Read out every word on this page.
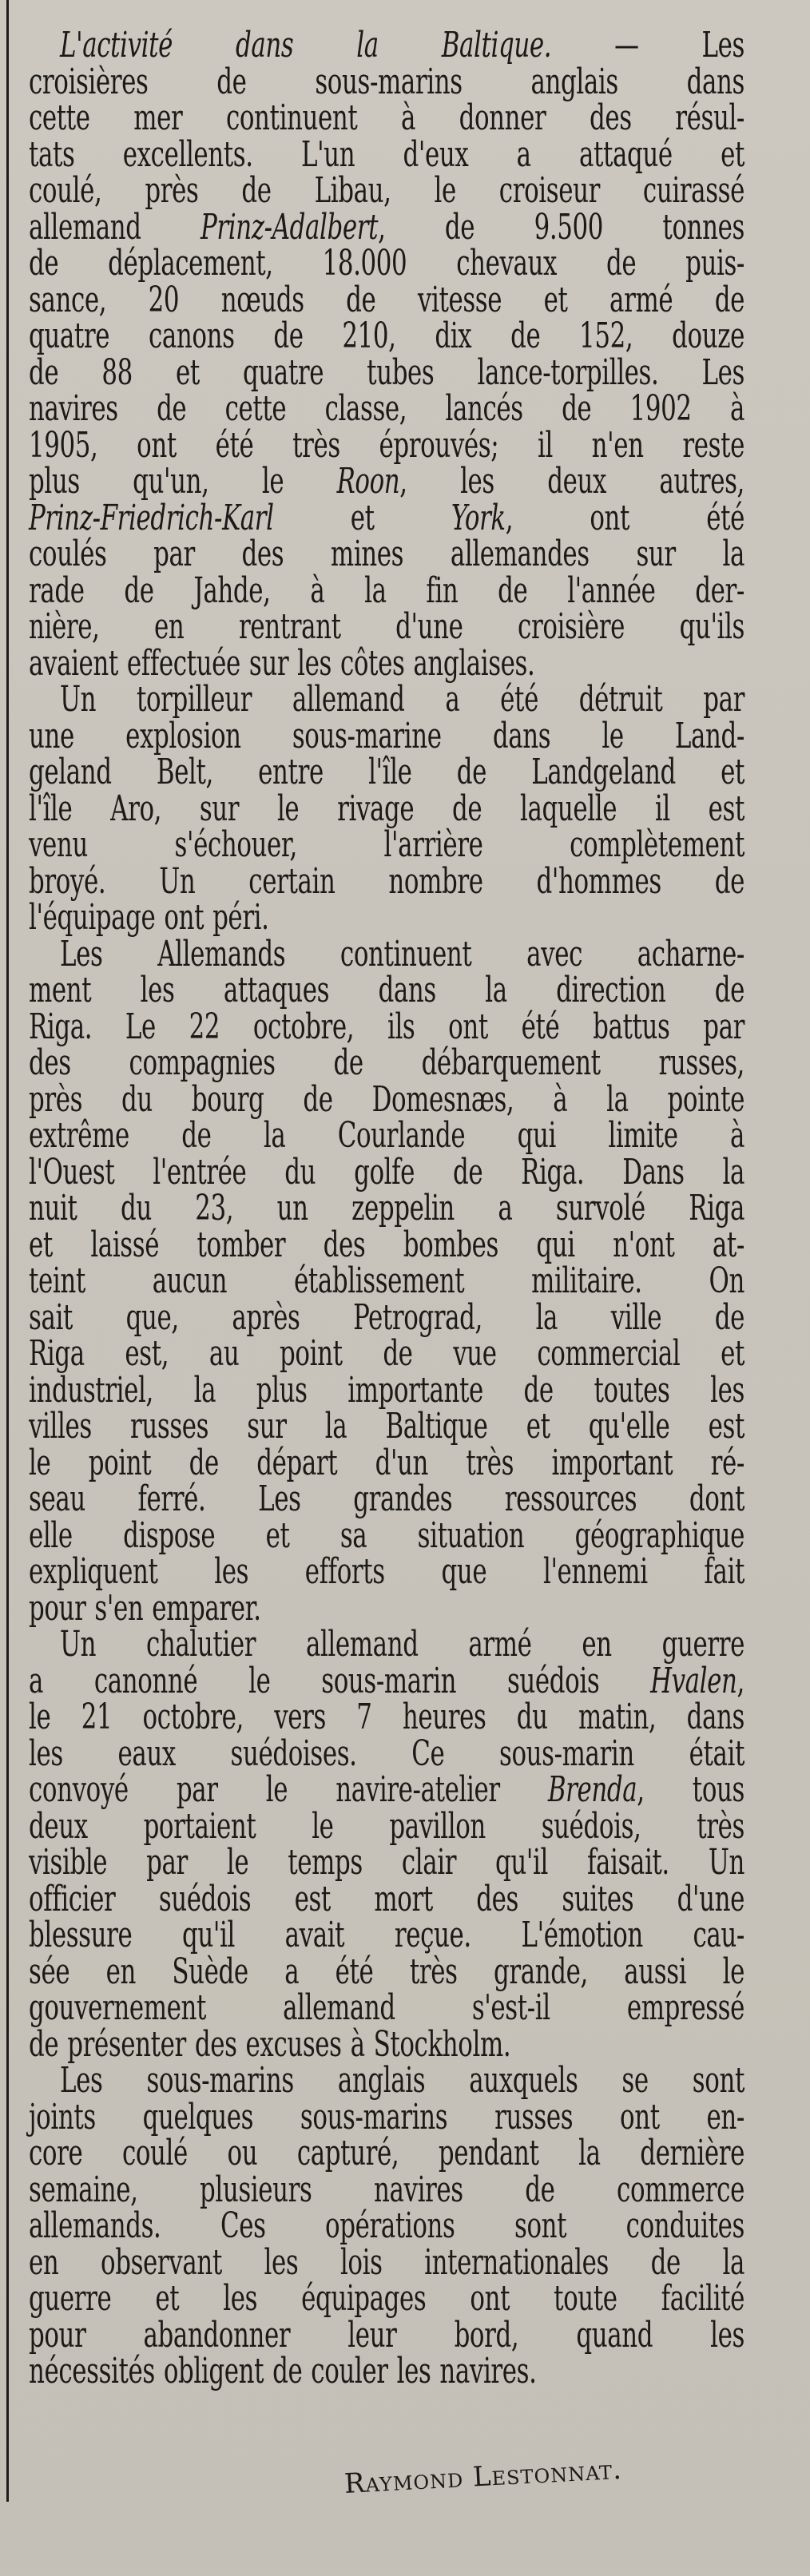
L'activité dans la Baltique. — Les
croisières de sous-marins anglais dans
cette mer continuent à donner des résul-
tats excellents. L'un d'eux a attaqué et
coulé, près de Libau, le croiseur cuirassé
allemand Prinz-Adalbert, de 9.500 tonnes
de déplacement, 18.000 chevaux de puis-
sance, 20 nœuds de vitesse et armé de
quatre canons de 210, dix de 152, douze
de 88 et quatre tubes lance-torpilles. Les
navires de cette classe, lancés de 1902 à
1905, ont été très éprouvés; il n'en reste
plus qu'un, le Roon, les deux autres,
Prinz-Friedrich-Karl et York, ont été
coulés par des mines allemandes sur la
rade de Jahde, à la fin de l'année der-
nière, en rentrant d'une croisière qu'ils
avaient effectuée sur les côtes anglaises.

Un torpilleur allemand a été détruit par
une explosion sous-marine dans le Land-
geland Belt, entre l'île de Landgeland et
l'île Aro, sur le rivage de laquelle il est
venu s'échouer, l'arrière complètement
broyé. Un certain nombre d'hommes de
l'équipage ont péri.

Les Allemands continuent avec acharne-
ment les attaques dans la direction de
Riga. Le 22 octobre, ils ont été battus par
des compagnies de débarquement russes,
près du bourg de Domesnæs, à la pointe
extrême de la Courlande qui limite à
l'Ouest l'entrée du golfe de Riga. Dans la
nuit du 23, un zeppelin a survolé Riga
et laissé tomber des bombes qui n'ont at-
teint aucun établissement militaire. On
sait que, après Petrograd, la ville de
Riga est, au point de vue commercial et
industriel, la plus importante de toutes les
villes russes sur la Baltique et qu'elle est
le point de départ d'un très important ré-
seau ferré. Les grandes ressources dont
elle dispose et sa situation géographique
expliquent les efforts que l'ennemi fait
pour s'en emparer.

Un chalutier allemand armé en guerre
a canonné le sous-marin suédois Hvalen,
le 21 octobre, vers 7 heures du matin, dans
les eaux suédoises. Ce sous-marin était
convoyé par le navire-atelier Brenda, tous
deux portaient le pavillon suédois, très
visible par le temps clair qu'il faisait. Un
officier suédois est mort des suites d'une
blessure qu'il avait reçue. L'émotion cau-
sée en Suède a été très grande, aussi le
gouvernement allemand s'est-il empressé
de présenter des excuses à Stockholm.

Les sous-marins anglais auxquels se sont
joints quelques sous-marins russes ont en-
core coulé ou capturé, pendant la dernière
semaine, plusieurs navires de commerce
allemands. Ces opérations sont conduites
en observant les lois internationales de la
guerre et les équipages ont toute facilité
pour abandonner leur bord, quand les
nécessités obligent de couler les navires.

Raymond Lestonnat.
